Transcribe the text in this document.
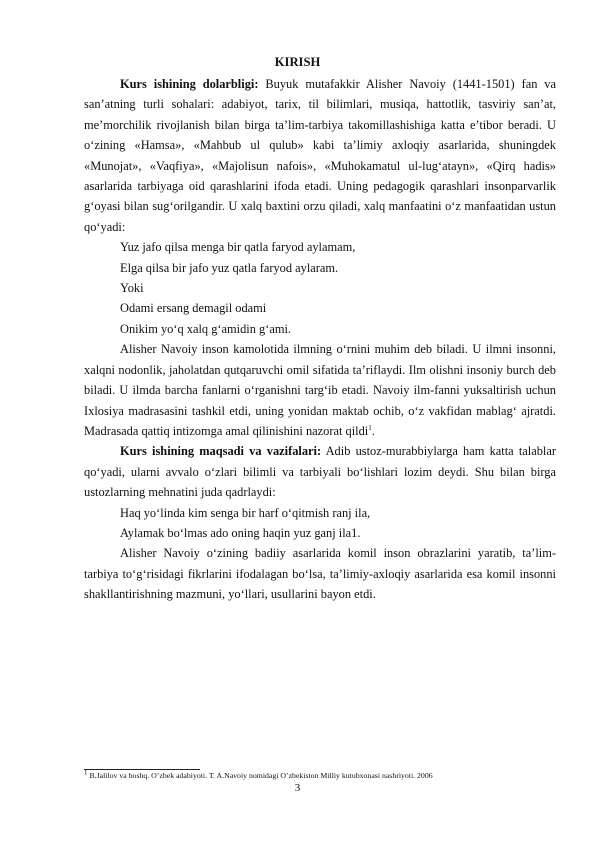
KIRISH

Kurs ishining dolarbligi: Buyuk mutafakkir Alisher Navoiy (1441-1501) fan va san’atning turli sohalari: adabiyot, tarix, til bilimlari, musiqa, hattotlik, tasviriy san’at, me’morchilik rivojlanish bilan birga ta’lim-tarbiya takomillashishiga katta e’tibor beradi. U o‘zining «Hamsa», «Mahbub ul qulub» kabi ta’limiy axloqiy asarlarida, shuningdek «Munojat», «Vaqfiya», «Majolisun nafois», «Muhokamatul ul-lug‘atayn», «Qirq hadis» asarlarida tarbiyaga oid qarashlarini ifoda etadi. Uning pedagogik qarashlari insonparvarlik g‘oyasi bilan sug‘orilgandir. U xalq baxtini orzu qiladi, xalq manfaatini o‘z manfaatidan ustun qo‘yadi:

Yuz jafo qilsa menga bir qatla faryod aylamam,

Elga qilsa bir jafo yuz qatla faryod aylaram.

Yoki

Odami ersang demagil odami

Onikim yo‘q xalq g‘amidin g‘ami.

Alisher Navoiy inson kamolotida ilmning o‘rnini muhim deb biladi. U ilmni insonni, xalqni nodonlik, jaholatdan qutqaruvchi omil sifatida ta’riflaydi. Ilm olishni insoniy burch deb biladi. U ilmda barcha fanlarni o‘rganishni targ‘ib etadi. Navoiy ilm-fanni yuksaltirish uchun Ixlosiya madrasasini tashkil etdi, uning yonidan maktab ochib, o‘z vakfidan mablag‘ ajratdi. Madrasada qattiq intizomga amal qilinishini nazorat qildi$^1$.

Kurs ishining maqsadi va vazifalari: Adib ustoz-murabbiylarga ham katta talablar qo‘yadi, ularni avvalo o‘zlari bilimli va tarbiyali bo‘lishlari lozim deydi. Shu bilan birga ustozlarning mehnatini juda qadrlaydi:

Haq yo‘linda kim senga bir harf o‘qitmish ranj ila,

Aylamak bo‘lmas ado oning haqin yuz ganj ila1.

Alisher Navoiy o‘zining badiiy asarlarida komil inson obrazlarini yaratib, ta’lim-tarbiya to‘g‘risidagi fikrlarini ifodalagan bo‘lsa, ta’limiy-axloqiy asarlarida esa komil insonni shakllantirishning mazmuni, yo‘llari, usullarini bayon etdi.

$^1$ B.Jalilov va boshq. O’zbek adabiyoti. T. A.Navoiy nomidagi O’zbekiston Milliy kutubxonasi nashriyoti. 2006
3
